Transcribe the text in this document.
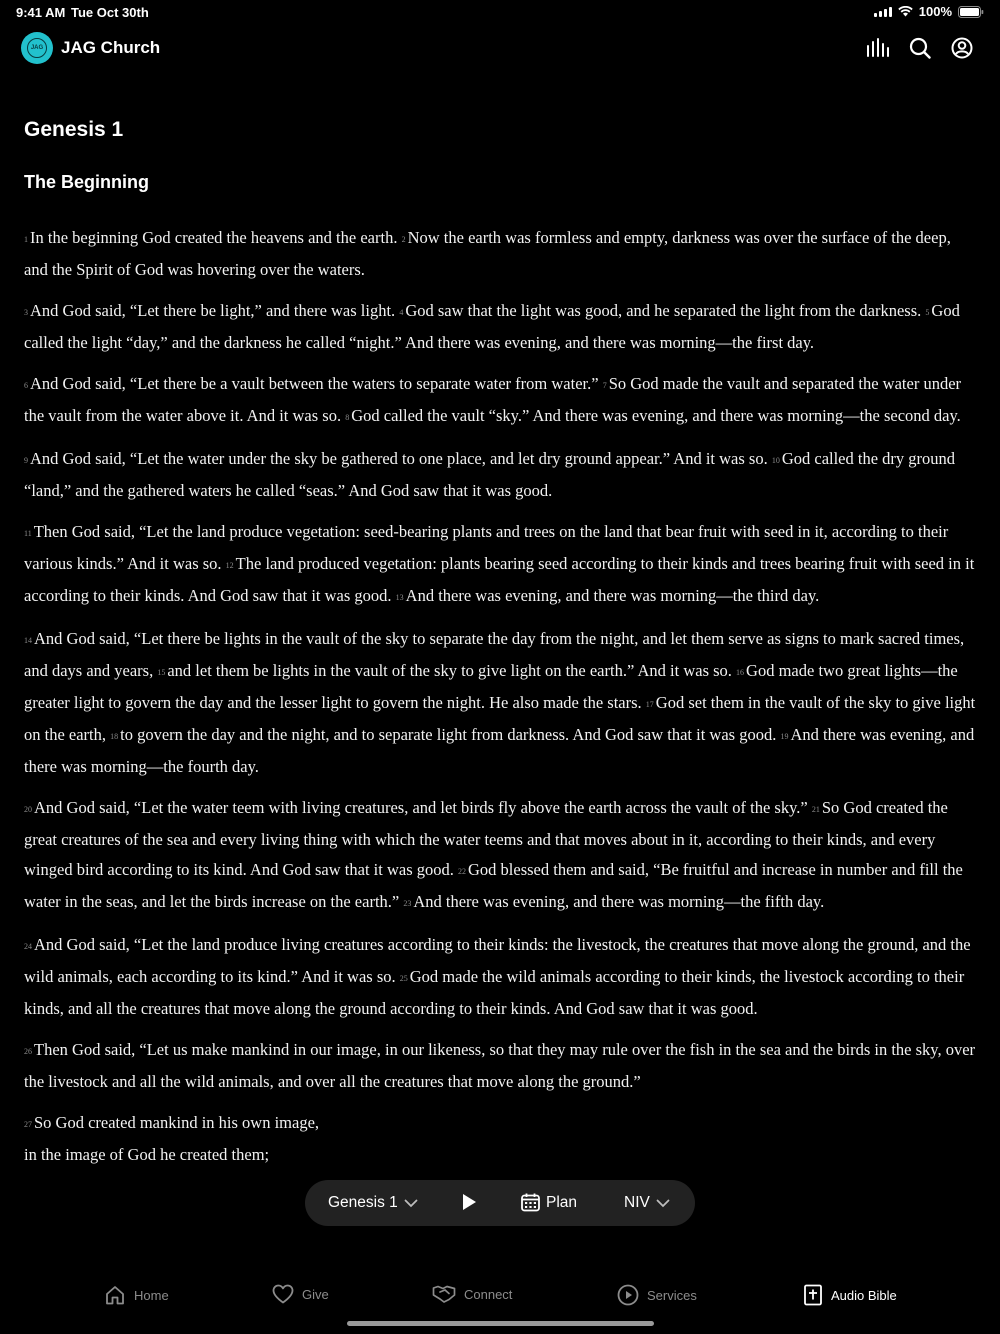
9:41 AM Tue Oct 30th	100%
JAG JAG Church
Genesis 1
The Beginning

1 In the beginning God created the heavens and the earth. 2 Now the earth was formless and empty, darkness was over the surface of the deep, and the Spirit of God was hovering over the waters.

3 And God said, “Let there be light,” and there was light. 4 God saw that the light was good, and he separated the light from the darkness. 5 God called the light “day,” and the darkness he called “night.” And there was evening, and there was morning—the first day.

6 And God said, “Let there be a vault between the waters to separate water from water.” 7 So God made the vault and separated the water under the vault from the water above it. And it was so. 8 God called the vault “sky.” And there was evening, and there was morning—the second day.

9 And God said, “Let the water under the sky be gathered to one place, and let dry ground appear.” And it was so. 10 God called the dry ground “land,” and the gathered waters he called “seas.” And God saw that it was good.

11 Then God said, “Let the land produce vegetation: seed-bearing plants and trees on the land that bear fruit with seed in it, according to their various kinds.” And it was so. 12 The land produced vegetation: plants bearing seed according to their kinds and trees bearing fruit with seed in it according to their kinds. And God saw that it was good. 13 And there was evening, and there was morning—the third day.

14 And God said, “Let there be lights in the vault of the sky to separate the day from the night, and let them serve as signs to mark sacred times, and days and years, 15 and let them be lights in the vault of the sky to give light on the earth.” And it was so. 16 God made two great lights—the greater light to govern the day and the lesser light to govern the night. He also made the stars. 17 God set them in the vault of the sky to give light on the earth, 18 to govern the day and the night, and to separate light from darkness. And God saw that it was good. 19 And there was evening, and there was morning—the fourth day.

20 And God said, “Let the water teem with living creatures, and let birds fly above the earth across the vault of the sky.” 21 So God created the great creatures of the sea and every living thing with which the water teems and that moves about in it, according to their kinds, and every winged bird according to its kind. And God saw that it was good. 22 God blessed them and said, “Be fruitful and increase in number and fill the water in the seas, and let the birds increase on the earth.” 23 And there was evening, and there was morning—the fifth day.

24 And God said, “Let the land produce living creatures according to their kinds: the livestock, the creatures that move along the ground, and the wild animals, each according to its kind.” And it was so. 25 God made the wild animals according to their kinds, the livestock according to their kinds, and all the creatures that move along the ground according to their kinds. And God saw that it was good.

26 Then God said, “Let us make mankind in our image, in our likeness, so that they may rule over the fish in the sea and the birds in the sky, over the livestock and all the wild animals, and over all the creatures that move along the ground.”

27 So God created mankind in his own image,
in the image of God he created them;

Genesis 1	Plan	NIV
Home	Give	Connect	Services	Audio Bible
